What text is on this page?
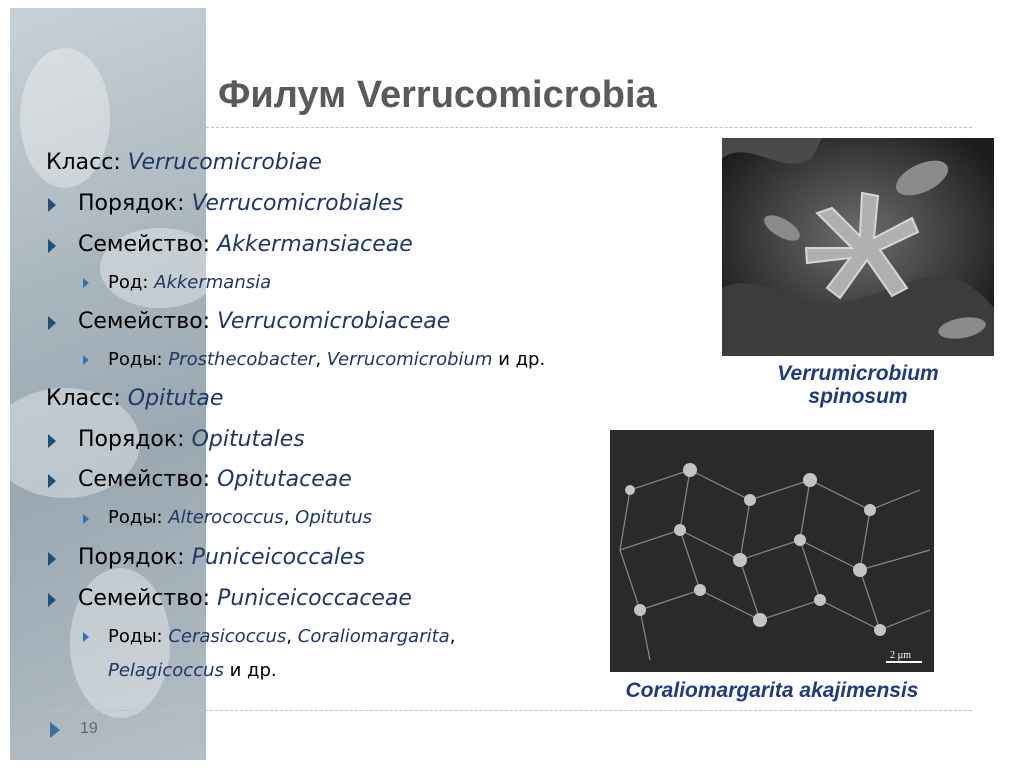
Филум Verrucomicrobia
Класс: Verrucomicrobiae
Порядок: Verrucomicrobiales
Семейство: Akkermansiaceae
Род: Akkermansia
Семейство: Verrucomicrobiaceae
Роды: Prosthecobacter, Verrucomicrobium и др.
Класс: Opitutae
Порядок: Opitutales
Семейство: Opitutaceae
Роды: Alterococcus, Opitutus
Порядок: Puniceicoccales
Семейство: Puniceicoccaceae
Роды: Cerasicoccus, Coraliomargarita,
Pelagicoccus и др.
Verrumicrobium
spinosum
2 µm
Coraliomargarita akajimensis
19
